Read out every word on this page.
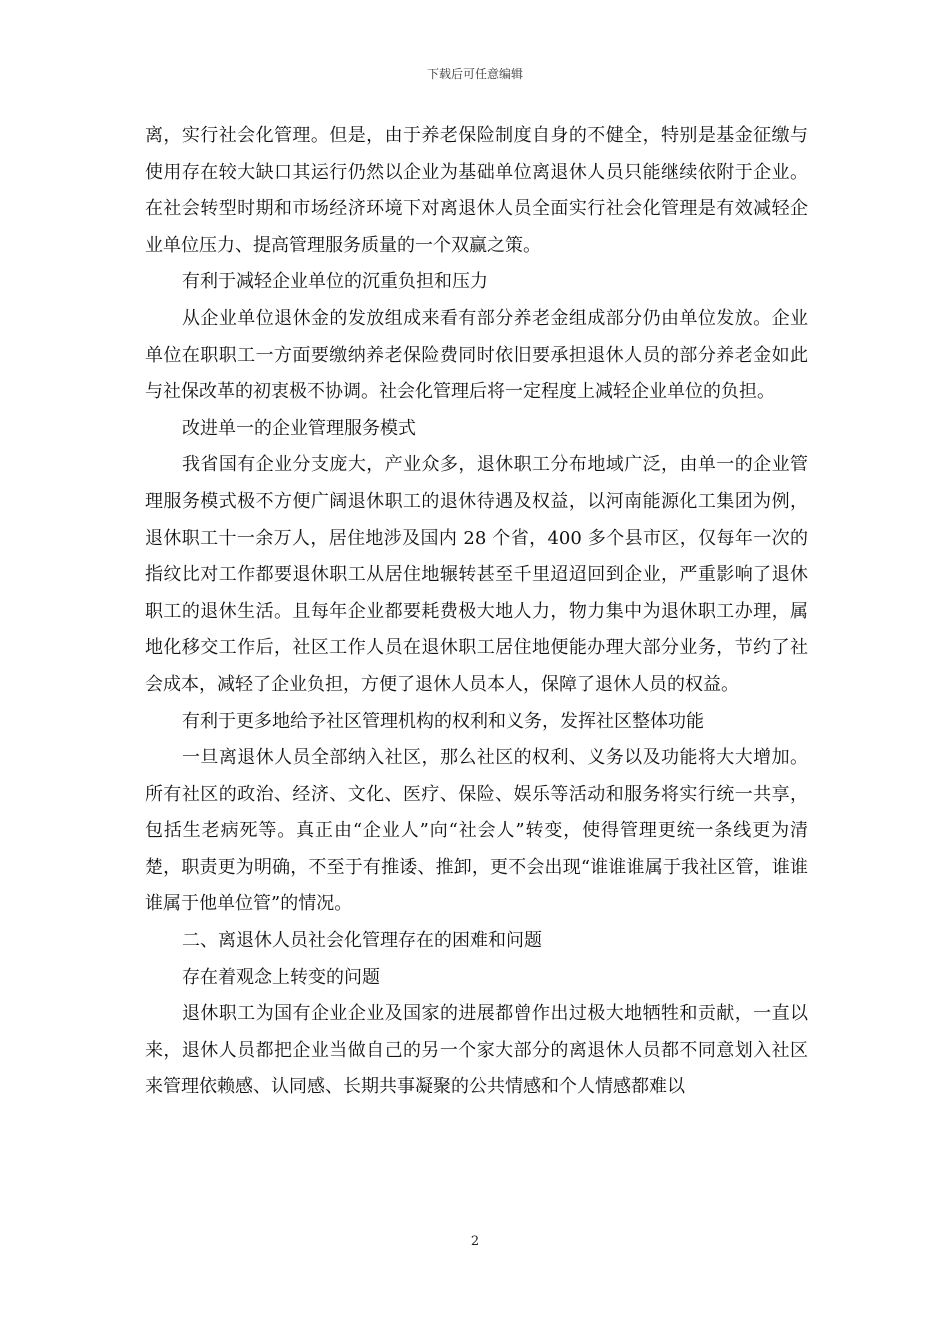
下载后可任意编辑

离，实行社会化管理。但是，由于养老保险制度自身的不健全，特别是基金征缴与使用存在较大缺口其运行仍然以企业为基础单位离退休人员只能继续依附于企业。在社会转型时期和市场经济环境下对离退休人员全面实行社会化管理是有效减轻企业单位压力、提高管理服务质量的一个双赢之策。

有利于减轻企业单位的沉重负担和压力

从企业单位退休金的发放组成来看有部分养老金组成部分仍由单位发放。企业单位在职职工一方面要缴纳养老保险费同时依旧要承担退休人员的部分养老金如此与社保改革的初衷极不协调。社会化管理后将一定程度上减轻企业单位的负担。

改进单一的企业管理服务模式

我省国有企业分支庞大，产业众多，退休职工分布地域广泛，由单一的企业管理服务模式极不方便广阔退休职工的退休待遇及权益，以河南能源化工集团为例，退休职工十一余万人，居住地涉及国内 28 个省，400 多个县市区，仅每年一次的指纹比对工作都要退休职工从居住地辗转甚至千里迢迢回到企业，严重影响了退休职工的退休生活。且每年企业都要耗费极大地人力，物力集中为退休职工办理，属地化移交工作后，社区工作人员在退休职工居住地便能办理大部分业务，节约了社会成本，减轻了企业负担，方便了退休人员本人，保障了退休人员的权益。

有利于更多地给予社区管理机构的权利和义务，发挥社区整体功能

一旦离退休人员全部纳入社区，那么社区的权利、义务以及功能将大大增加。所有社区的政治、经济、文化、医疗、保险、娱乐等活动和服务将实行统一共享，包括生老病死等。真正由“企业人”向“社会人”转变，使得管理更统一条线更为清楚，职责更为明确，不至于有推诿、推卸，更不会出现“谁谁谁属于我社区管，谁谁谁属于他单位管”的情况。

二、离退休人员社会化管理存在的困难和问题

存在着观念上转变的问题

退休职工为国有企业企业及国家的进展都曾作出过极大地牺牲和贡献，一直以来，退休人员都把企业当做自己的另一个家大部分的离退休人员都不同意划入社区来管理依赖感、认同感、长期共事凝聚的公共情感和个人情感都难以

2
